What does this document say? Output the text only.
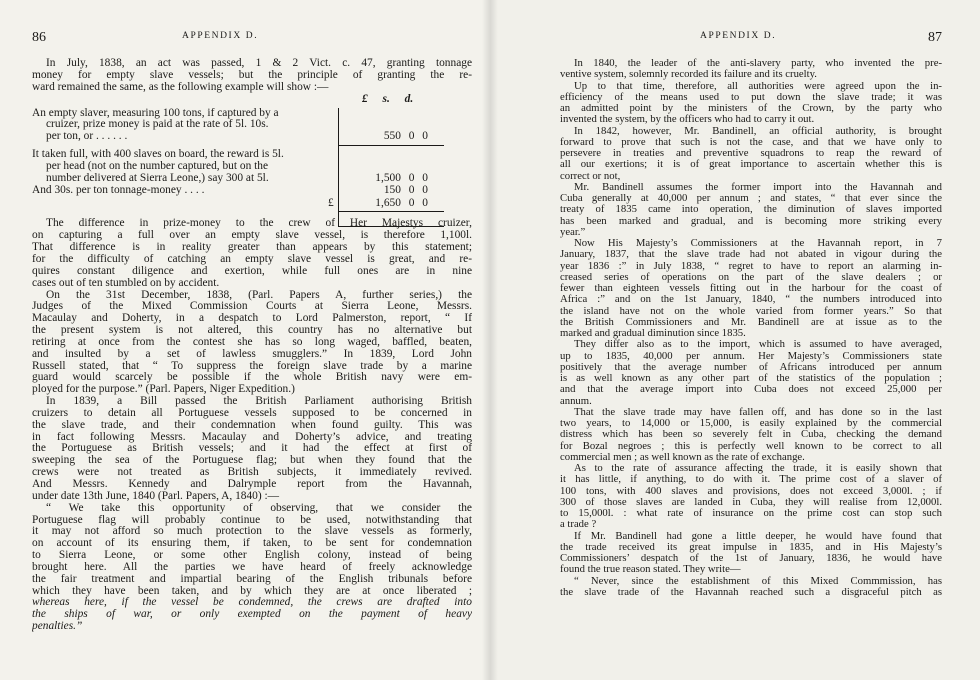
86	APPENDIX D.
In July, 1838, an act was passed, 1 & 2 Vict. c. 47, granting tonnage
money for empty slave vessels; but the principle of granting the re-
ward remained the same, as the following example will show :—
£ s. d.
An empty slaver, measuring 100 tons, if captured by a
cruizer, prize money is paid at the rate of 5l. 10s.
per ton, or . . . . . .	550 0 0
It taken full, with 400 slaves on board, the reward is 5l.
per head (not on the number captured, but on the
number delivered at Sierra Leone,) say 300 at 5l.	1,500 0 0
And 30s. per ton tonnage-money . . . .	150 0 0
£	1,650 0 0
The difference in prize-money to the crew of Her Majestys cruizer,
on capturing a full over an empty slave vessel, is therefore 1,100l.
That difference is in reality greater than appears by this statement;
for the difficulty of catching an empty slave vessel is great, and re-
quires constant diligence and exertion, while full ones are in nine
cases out of ten stumbled on by accident.
On the 31st December, 1838, (Parl. Papers A, further series,) the
Judges of the Mixed Commission Courts at Sierra Leone, Messrs.
Macaulay and Doherty, in a despatch to Lord Palmerston, report, “ If
the present system is not altered, this country has no alternative but
retiring at once from the contest she has so long waged, baffled, beaten,
and insulted by a set of lawless smugglers.” In 1839, Lord John
Russell stated, that “ To suppress the foreign slave trade by a marine
guard would scarcely be possible if the whole British navy were em-
ployed for the purpose.” (Parl. Papers, Niger Expedition.)
In 1839, a Bill passed the British Parliament authorising British
cruizers to detain all Portuguese vessels supposed to be concerned in
the slave trade, and their condemnation when found guilty. This was
in fact following Messrs. Macaulay and Doherty’s advice, and treating
the Portuguese as British vessels; and it had the effect at first of
sweeping the sea of the Portuguese flag; but when they found that the
crews were not treated as British subjects, it immediately revived.
And Messrs. Kennedy and Dalrymple report from the Havannah,
under date 13th June, 1840 (Parl. Papers, A, 1840) :—
“ We take this opportunity of observing, that we consider the
Portuguese flag will probably continue to be used, notwithstanding that
it may not afford so much protection to the slave vessels as formerly,
on account of its ensuring them, if taken, to be sent for condemnation
to Sierra Leone, or some other English colony, instead of being
brought here. All the parties we have heard of freely acknowledge
the fair treatment and impartial bearing of the English tribunals before
which they have been taken, and by which they are at once liberated ;
whereas here, if the vessel be condemned, the crews are drafted into
the ships of war, or only exempted on the payment of heavy
penalties.”
APPENDIX D.	87
In 1840, the leader of the anti-slavery party, who invented the pre-
ventive system, solemnly recorded its failure and its cruelty.
Up to that time, therefore, all authorities were agreed upon the in-
efficiency of the means used to put down the slave trade; it was
an admitted point by the ministers of the Crown, by the party who
invented the system, by the officers who had to carry it out.
In 1842, however, Mr. Bandinell, an official authority, is brought
forward to prove that such is not the case, and that we have only to
persevere in treaties and preventive squadrons to reap the reward of
all our exertions; it is of great importance to ascertain whether this is
correct or not,
Mr. Bandinell assumes the former import into the Havannah and
Cuba generally at 40,000 per annum ; and states, “ that ever since the
treaty of 1835 came into operation, the diminution of slaves imported
has been marked and gradual, and is becoming more striking every
year.”
Now His Majesty’s Commissioners at the Havannah report, in 7
January, 1837, that the slave trade had not abated in vigour during the
year 1836 :” in July 1838, “ regret to have to report an alarming in-
creased series of operations on the part of the slave dealers ; or
fewer than eighteen vessels fitting out in the harbour for the coast of
Africa :” and on the 1st January, 1840, “ the numbers introduced into
the island have not on the whole varied from former years.” So that
the British Commissioners and Mr. Bandinell are at issue as to the
marked and gradual diminution since 1835.
They differ also as to the import, which is assumed to have averaged,
up to 1835, 40,000 per annum. Her Majesty’s Commissioners state
positively that the average number of Africans introduced per annum
is as well known as any other part of the statistics of the population ;
and that the average import into Cuba does not exceed 25,000 per
annum.
That the slave trade may have fallen off, and has done so in the last
two years, to 14,000 or 15,000, is easily explained by the commercial
distress which has been so severely felt in Cuba, checking the demand
for Bozal negroes ; this is perfectly well known to be correct to all
commercial men ; as well known as the rate of exchange.
As to the rate of assurance affecting the trade, it is easily shown that
it has little, if anything, to do with it. The prime cost of a slaver of
100 tons, with 400 slaves and provisions, does not exceed 3,000l. ; if
300 of those slaves are landed in Cuba, they will realise from 12,000l.
to 15,000l. : what rate of insurance on the prime cost can stop such
a trade ?
If Mr. Bandinell had gone a little deeper, he would have found that
the trade received its great impulse in 1835, and in His Majesty’s
Commissioners’ despatch of the 1st of January, 1836, he would have
found the true reason stated. They write—
“ Never, since the establishment of this Mixed Commmission, has
the slave trade of the Havannah reached such a disgraceful pitch as
